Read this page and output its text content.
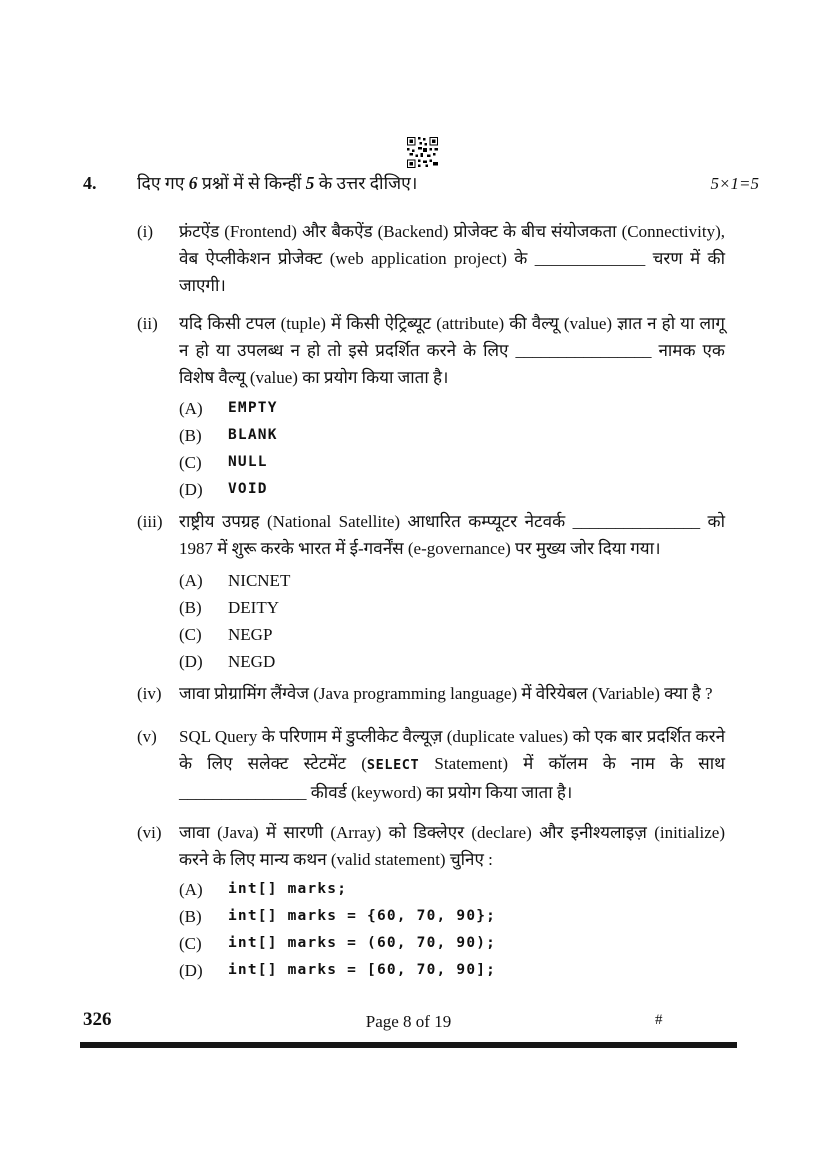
4.	दिए गए 6 प्रश्नों में से किन्हीं 5 के उत्तर दीजिए।	5×1=5
(i)	फ्रंटऐंड (Frontend) और बैकऐंड (Backend) प्रोजेक्ट के बीच संयोजकता (Connectivity), वेब ऐप्लीकेशन प्रोजेक्ट (web application project) के _____________ चरण में की जाएगी।

(ii)	यदि किसी टपल (tuple) में किसी ऐट्रिब्यूट (attribute) की वैल्यू (value) ज्ञात न हो या लागू न हो या उपलब्ध न हो तो इसे प्रदर्शित करने के लिए ________________ नामक एक विशेष वैल्यू (value) का प्रयोग किया जाता है।

(A)	EMPTY
(B)	BLANK
(C)	NULL
(D)	VOID
(iii) राष्ट्रीय उपग्रह (National Satellite) आधारित कम्प्यूटर नेटवर्क _______________ को 1987 में शुरू करके भारत में ई-गवर्नेंस (e-governance) पर मुख्य जोर दिया गया।

(A)	NICNET
(B)	DEITY
(C)	NEGP
(D)	NEGD
(iv)	जावा प्रोग्रामिंग लैंग्वेज (Java programming language) में वेरियेबल (Variable) क्या है ?

(v)	SQL Query के परिणाम में डुप्लीकेट वैल्यूज़ (duplicate values) को एक बार प्रदर्शित करने के लिए सलेक्ट स्टेटमेंट (SELECT Statement) में कॉलम के नाम के साथ _______________ कीवर्ड (keyword) का प्रयोग किया जाता है।

(vi)	जावा (Java) में सारणी (Array) को डिक्लेएर (declare) और इनीश्यलाइज़ (initialize) करने के लिए मान्य कथन (valid statement) चुनिए :

(A)	int[] marks;
(B)	int[] marks = {60, 70, 90};
(C)	int[] marks = (60, 70, 90);
(D)	int[] marks = [60, 70, 90];
326	Page 8 of 19	#
